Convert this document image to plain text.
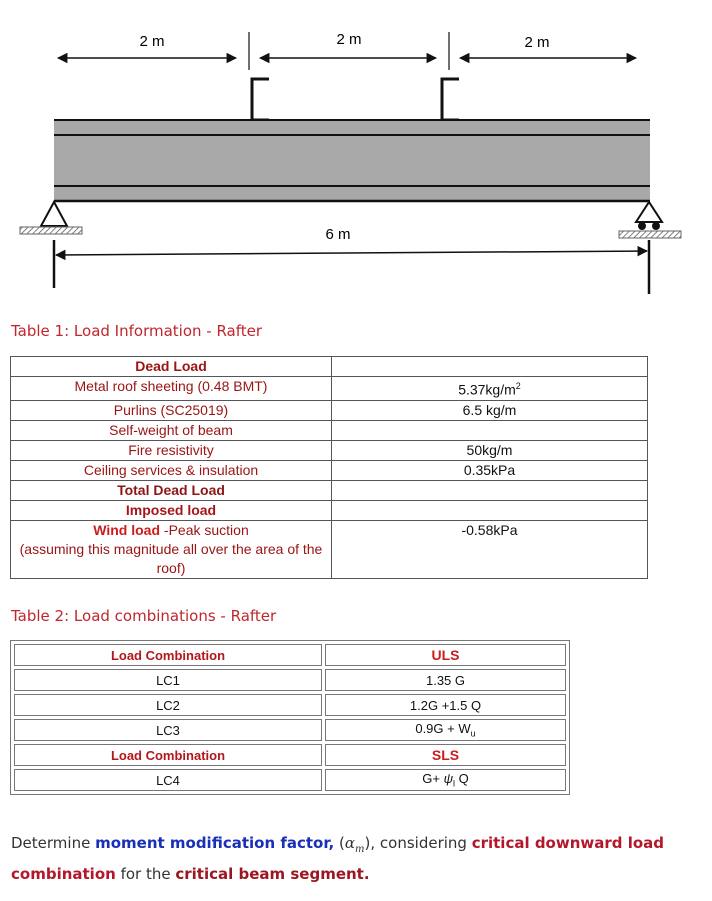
2 m	2 m	2 m
6 m
Table 1: Load Information - Rafter
Dead Load	
Metal roof sheeting (0.48 BMT)	$5.37kg/m^2$
Purlins (SC25019)	6.5 kg/m
Self-weight of beam	
Fire resistivity	50kg/m
Ceiling services & insulation	0.35kPa
Total Dead Load	
Imposed load	
Wind load -Peak suction
(assuming this magnitude all over the area of the roof)	-0.58kPa
Table 2: Load combinations - Rafter
Load Combination	ULS
LC1	1.35 G
LC2	1.2G +1.5 Q
LC3	$0.9G + W_u$
Load Combination	SLS
LC4	$G+ \psi_l$ Q
Determine moment modification factor, $(\alpha_m)$, considering critical downward load combination for the critical beam segment.
